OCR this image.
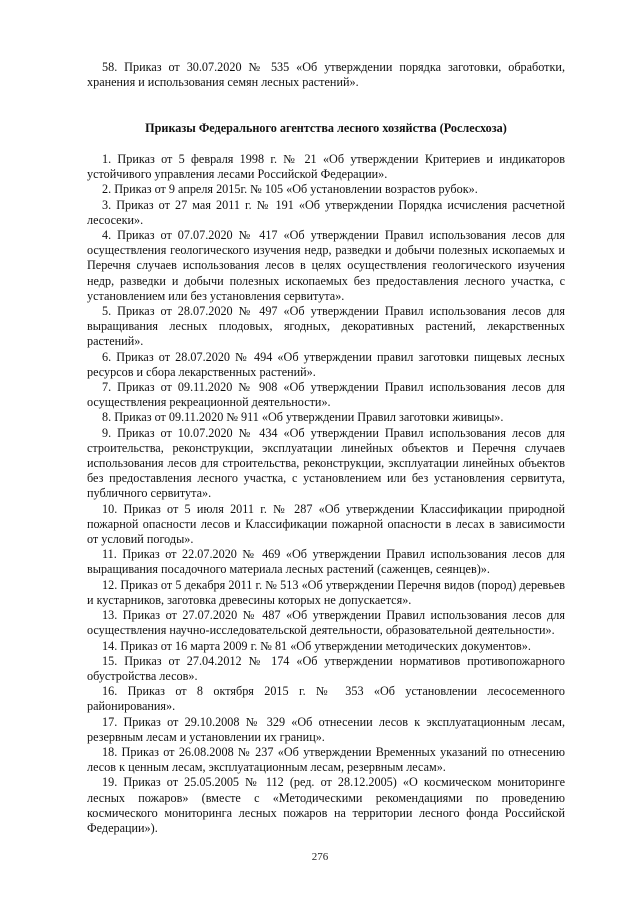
58. Приказ от 30.07.2020 № 535 «Об утверждении порядка заготовки, обработки, хранения и использования семян лесных растений».

Приказы Федерального агентства лесного хозяйства (Рослесхоза)

1. Приказ от 5 февраля 1998 г. № 21 «Об утверждении Критериев и индикаторов устойчивого управления лесами Российской Федерации».

2. Приказ от 9 апреля 2015г. № 105 «Об установлении возрастов рубок».

3. Приказ от 27 мая 2011 г. № 191 «Об утверждении Порядка исчисления расчетной лесосеки».

4. Приказ от 07.07.2020 № 417 «Об утверждении Правил использования лесов для осуществления геологического изучения недр, разведки и добычи полезных ископаемых и Перечня случаев использования лесов в целях осуществления геологического изучения недр, разведки и добычи полезных ископаемых без предоставления лесного участка, с установлением или без установления сервитута».

5. Приказ от 28.07.2020 № 497 «Об утверждении Правил использования лесов для выращивания лесных плодовых, ягодных, декоративных растений, лекарственных растений».

6. Приказ от 28.07.2020 № 494 «Об утверждении правил заготовки пищевых лесных ресурсов и сбора лекарственных растений».

7. Приказ от 09.11.2020 № 908 «Об утверждении Правил использования лесов для осуществления рекреационной деятельности».

8. Приказ от 09.11.2020 № 911 «Об утверждении Правил заготовки живицы».

9. Приказ от 10.07.2020 № 434 «Об утверждении Правил использования лесов для строительства, реконструкции, эксплуатации линейных объектов и Перечня случаев использования лесов для строительства, реконструкции, эксплуатации линейных объектов без предоставления лесного участка, с установлением или без установления сервитута, публичного сервитута».

10. Приказ от 5 июля 2011 г. № 287 «Об утверждении Классификации природной пожарной опасности лесов и Классификации пожарной опасности в лесах в зависимости от условий погоды».

11. Приказ от 22.07.2020 № 469 «Об утверждении Правил использования лесов для выращивания посадочного материала лесных растений (саженцев, сеянцев)».

12. Приказ от 5 декабря 2011 г. № 513 «Об утверждении Перечня видов (пород) деревьев и кустарников, заготовка древесины которых не допускается».

13. Приказ от 27.07.2020 № 487 «Об утверждении Правил использования лесов для осуществления научно-исследовательской деятельности, образовательной деятельности».

14. Приказ от 16 марта 2009 г. № 81 «Об утверждении методических документов».

15. Приказ от 27.04.2012 № 174 «Об утверждении нормативов противопожарного обустройства лесов».

16. Приказ от 8 октября 2015 г. № 353 «Об установлении лесосеменного районирования».

17. Приказ от 29.10.2008 № 329 «Об отнесении лесов к эксплуатационным лесам, резервным лесам и установлении их границ».

18. Приказ от 26.08.2008 № 237 «Об утверждении Временных указаний по отнесению лесов к ценным лесам, эксплуатационным лесам, резервным лесам».

19. Приказ от 25.05.2005 № 112 (ред. от 28.12.2005) «О космическом мониторинге лесных пожаров» (вместе с «Методическими рекомендациями по проведению космического мониторинга лесных пожаров на территории лесного фонда Российской Федерации»).

276
